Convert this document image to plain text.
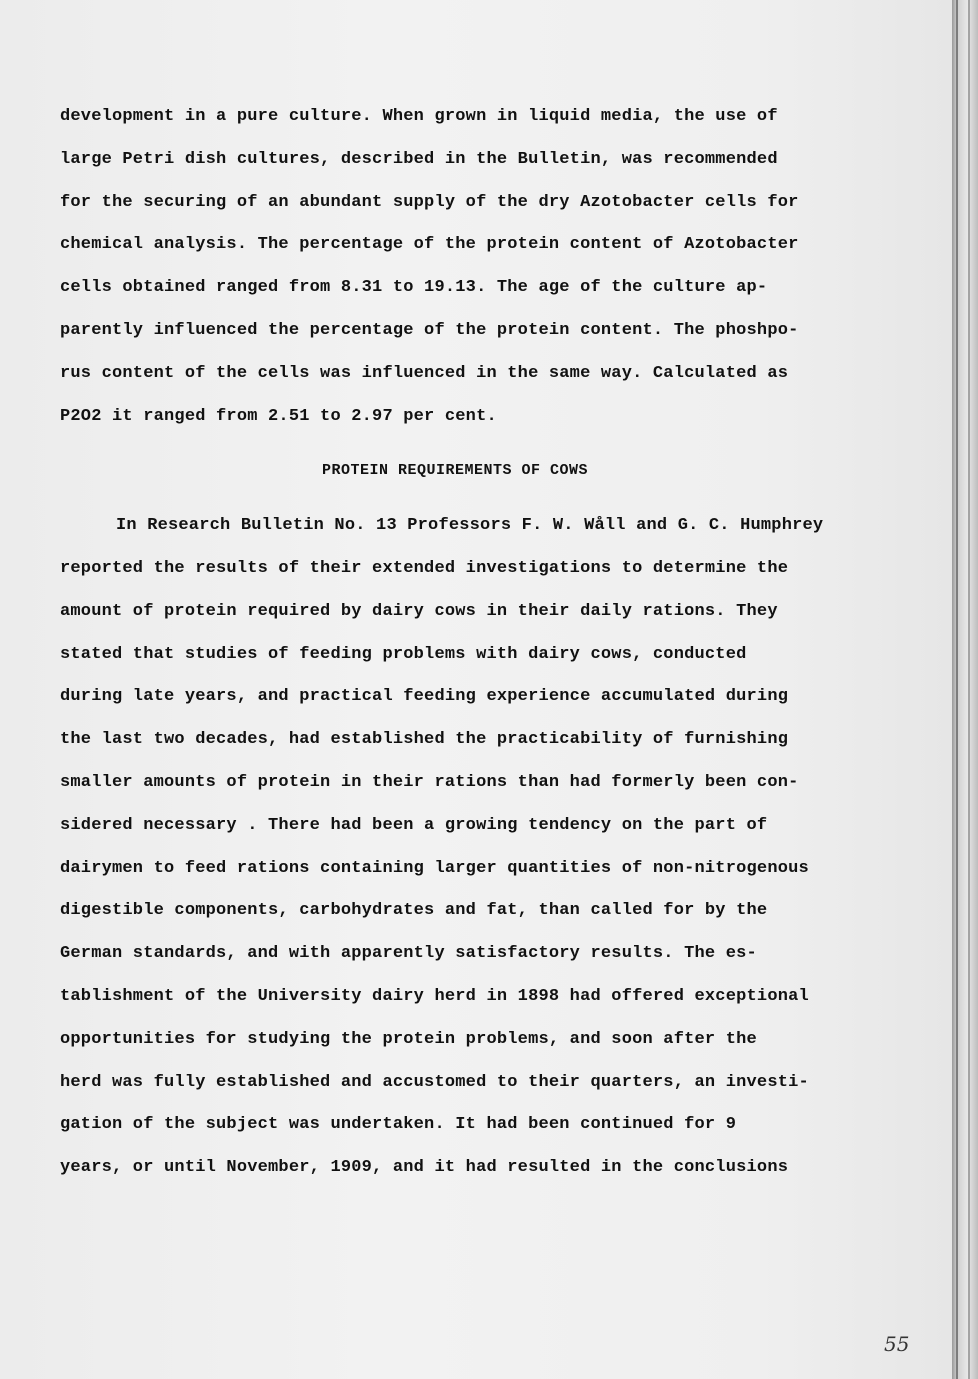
development in a pure culture. When grown in liquid media, the use of
large Petri dish cultures, described in the Bulletin, was recommended
for the securing of an abundant supply of the dry Azotobacter cells for
chemical analysis. The percentage of the protein content of Azotobacter
cells obtained ranged from 8.31 to 19.13. The age of the culture ap-
parently influenced the percentage of the protein content. The phoshpo-
rus content of the cells was influenced in the same way. Calculated as
P2O2 it ranged from 2.51 to 2.97 per cent.
PROTEIN REQUIREMENTS OF COWS
In Research Bulletin No. 13 Professors F. W. Wåll and G. C. Humphrey
reported the results of their extended investigations to determine the
amount of protein required by dairy cows in their daily rations. They
stated that studies of feeding problems with dairy cows, conducted
during late years, and practical feeding experience accumulated during
the last two decades, had established the practicability of furnishing
smaller amounts of protein in their rations than had formerly been con-
sidered necessary . There had been a growing tendency on the part of
dairymen to feed rations containing larger quantities of non-nitrogenous
digestible components, carbohydrates and fat, than called for by the
German standards, and with apparently satisfactory results. The es-
tablishment of the University dairy herd in 1898 had offered exceptional
opportunities for studying the protein problems, and soon after the
herd was fully established and accustomed to their quarters, an investi-
gation of the subject was undertaken. It had been continued for 9
years, or until November, 1909, and it had resulted in the conclusions
55
